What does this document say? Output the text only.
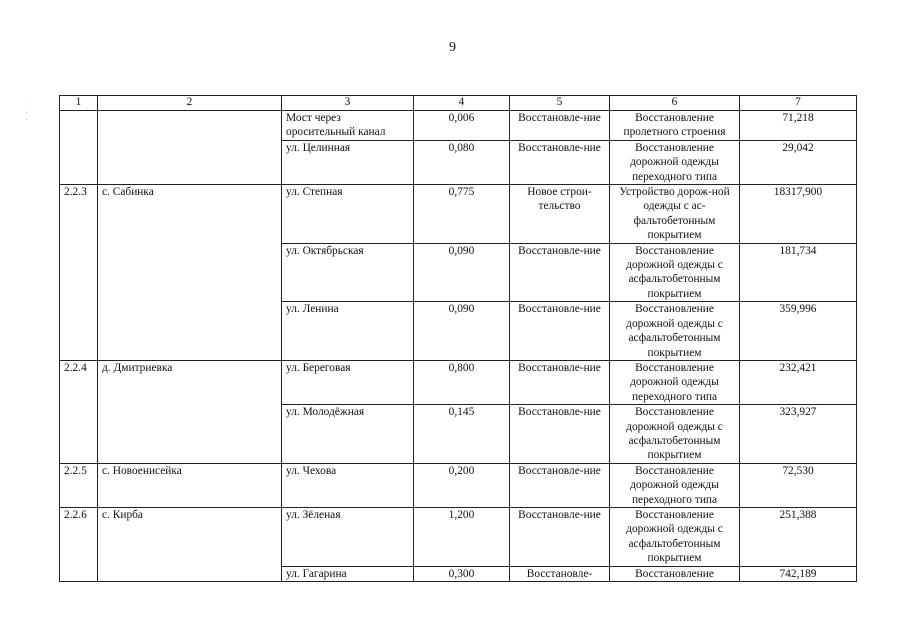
9
· · · ·	1	2	3	4	5	6	7
		Мост через оросительный канал	0,006	Восстановле-ние	Восстановление пролетного строения	71,218
		ул. Целинная	0,080	Восстановле-ние	Восстановление дорожной одежды переходного типа	29,042
2.2.3	с. Сабинка	ул. Степная	0,775	Новое строи-тельство	Устройство дорож-ной одежды с ас-фальтобетонным покрытием	18317,900
		ул. Октябрьская	0,090	Восстановле-ние	Восстановление дорожной одежды с асфальтобетонным покрытием	181,734
		ул. Ленина	0,090	Восстановле-ние	Восстановление дорожной одежды с асфальтобетонным покрытием	359,996
2.2.4	д. Дмитриевка	ул. Береговая	0,800	Восстановле-ние	Восстановление дорожной одежды переходного типа	232,421
		ул. Молодёжная	0,145	Восстановле-ние	Восстановление дорожной одежды с асфальтобетонным покрытием	323,927
2.2.5	с. Новоенисейка	ул. Чехова	0,200	Восстановле-ние	Восстановление дорожной одежды переходного типа	72,530
2.2.6	с. Кирба	ул. Зёленая	1,200	Восстановле-ние	Восстановление дорожной одежды с асфальтобетонным покрытием	251,388
		ул. Гагарина	0,300	Восстановле-	Восстановление	742,189
